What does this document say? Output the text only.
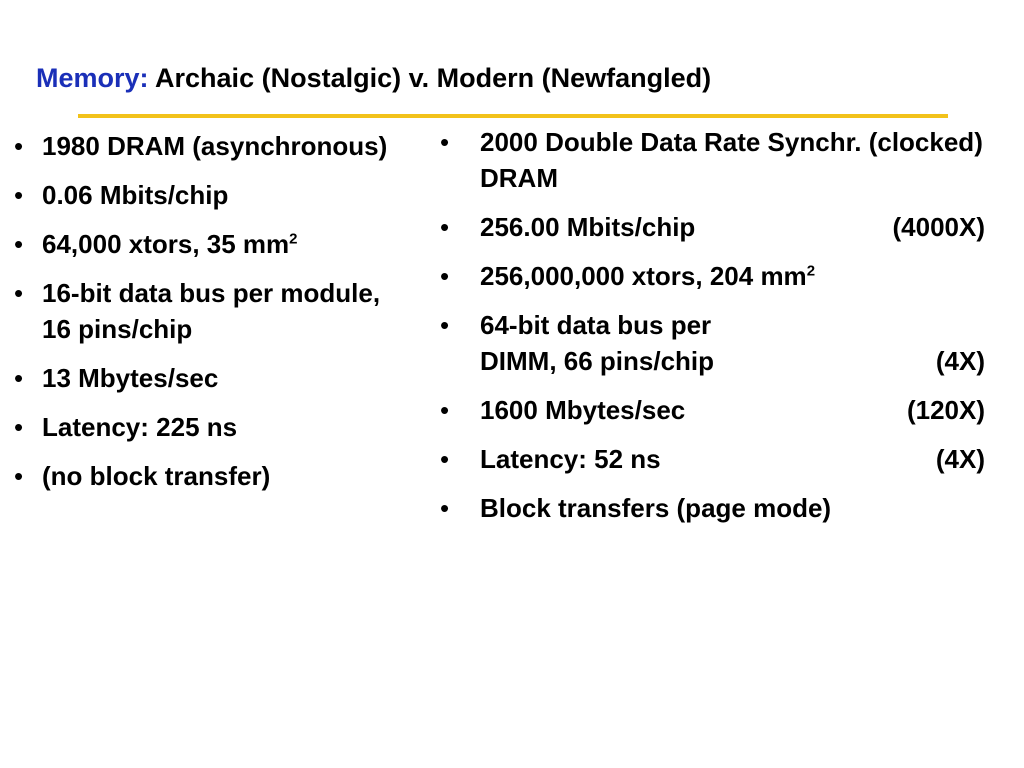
Memory: Archaic (Nostalgic) v. Modern (Newfangled)
• 1980 DRAM (asynchronous)
• 0.06 Mbits/chip
• 64,000 xtors, 35 $mm^2$
• 16-bit data bus per module, 16 pins/chip
• 13 Mbytes/sec
• Latency: 225 ns
• (no block transfer)
• 2000 Double Data Rate Synchr. (clocked) DRAM
• 256.00 Mbits/chip	(4000X)
• 256,000,000 xtors, 204 $mm^2$
• 64-bit data bus per
DIMM, 66 pins/chip	(4X)
• 1600 Mbytes/sec	(120X)
• Latency: 52 ns	(4X)
• Block transfers (page mode)
